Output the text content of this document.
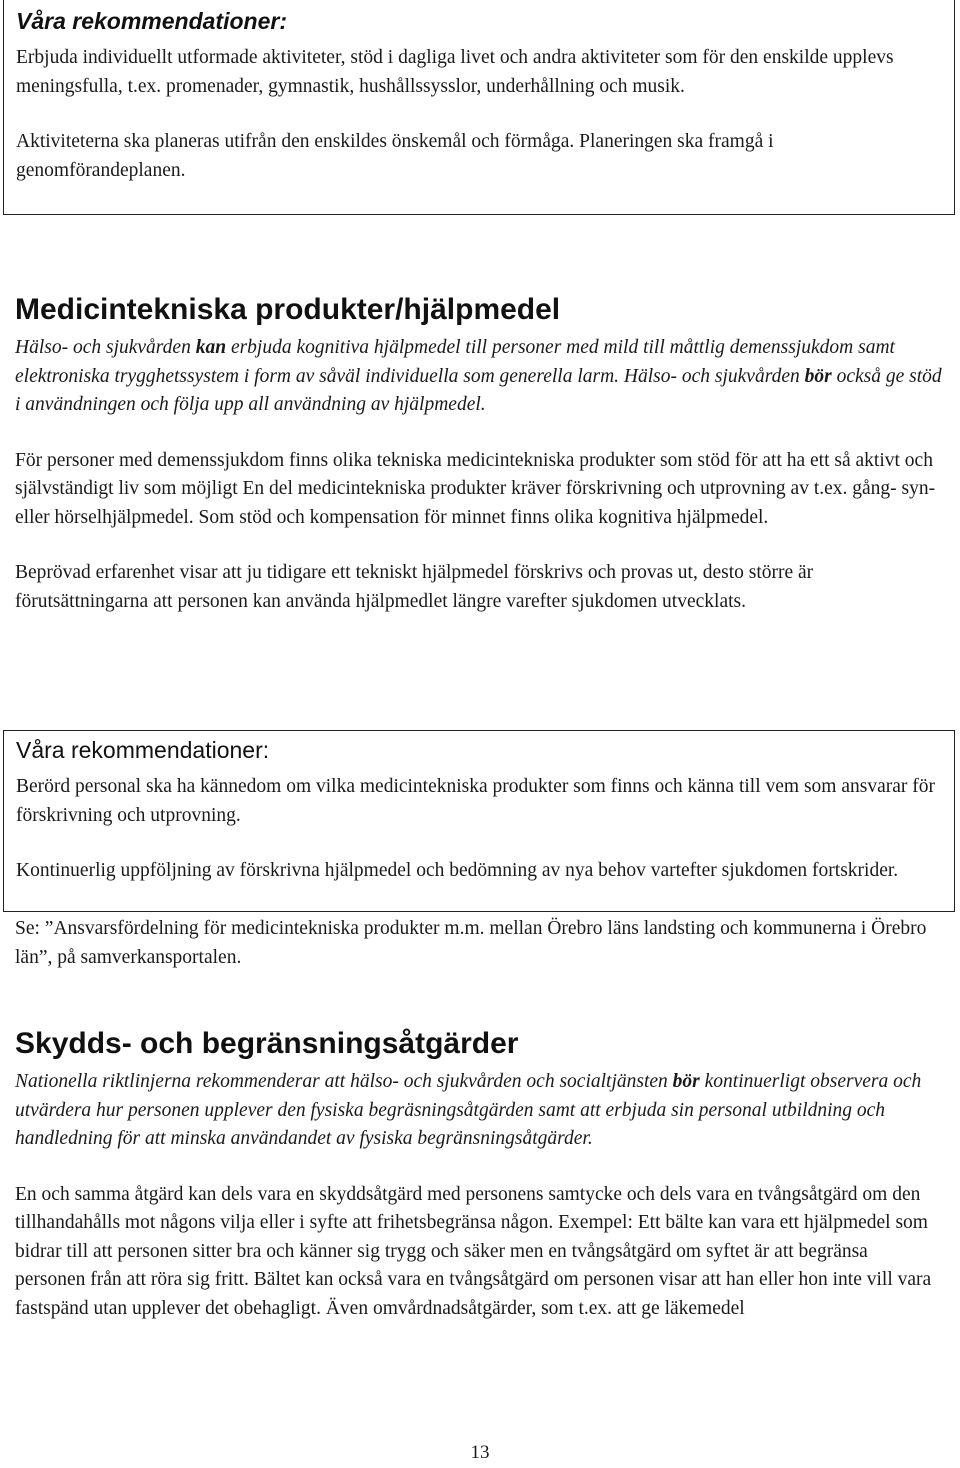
Våra rekommendationer:

Erbjuda individuellt utformade aktiviteter, stöd i dagliga livet och andra aktiviteter som för den enskilde upplevs meningsfulla, t.ex. promenader, gymnastik, hushållssysslor, underhållning och musik.

Aktiviteterna ska planeras utifrån den enskildes önskemål och förmåga. Planeringen ska framgå i genomförandeplanen.

Medicintekniska produkter/hjälpmedel

Hälso- och sjukvården kan erbjuda kognitiva hjälpmedel till personer med mild till måttlig demenssjukdom samt elektroniska trygghetssystem i form av såväl individuella som generella larm. Hälso- och sjukvården bör också ge stöd i användningen och följa upp all användning av hjälpmedel.

För personer med demenssjukdom finns olika tekniska medicintekniska produkter som stöd för att ha ett så aktivt och självständigt liv som möjligt En del medicintekniska produkter kräver förskrivning och utprovning av t.ex. gång- syn- eller hörselhjälpmedel. Som stöd och kompensation för minnet finns olika kognitiva hjälpmedel.

Beprövad erfarenhet visar att ju tidigare ett tekniskt hjälpmedel förskrivs och provas ut, desto större är förutsättningarna att personen kan använda hjälpmedlet längre varefter sjukdomen utvecklats.

Våra rekommendationer:

Berörd personal ska ha kännedom om vilka medicintekniska produkter som finns och känna till vem som ansvarar för förskrivning och utprovning.

Kontinuerlig uppföljning av förskrivna hjälpmedel och bedömning av nya behov vartefter sjukdomen fortskrider.

Se: ”Ansvarsfördelning för medicintekniska produkter m.m. mellan Örebro läns landsting och kommunerna i Örebro län”, på samverkansportalen.

Skydds- och begränsningsåtgärder

Nationella riktlinjerna rekommenderar att hälso- och sjukvården och socialtjänsten bör kontinuerligt observera och utvärdera hur personen upplever den fysiska begräsningsåtgärden samt att erbjuda sin personal utbildning och handledning för att minska användandet av fysiska begränsningsåtgärder.

En och samma åtgärd kan dels vara en skyddsåtgärd med personens samtycke och dels vara en tvångsåtgärd om den tillhandahålls mot någons vilja eller i syfte att frihetsbegränsa någon. Exempel: Ett bälte kan vara ett hjälpmedel som bidrar till att personen sitter bra och känner sig trygg och säker men en tvångsåtgärd om syftet är att begränsa personen från att röra sig fritt. Bältet kan också vara en tvångsåtgärd om personen visar att han eller hon inte vill vara fastspänd utan upplever det obehagligt. Även omvårdnadsåtgärder, som t.ex. att ge läkemedel

13
